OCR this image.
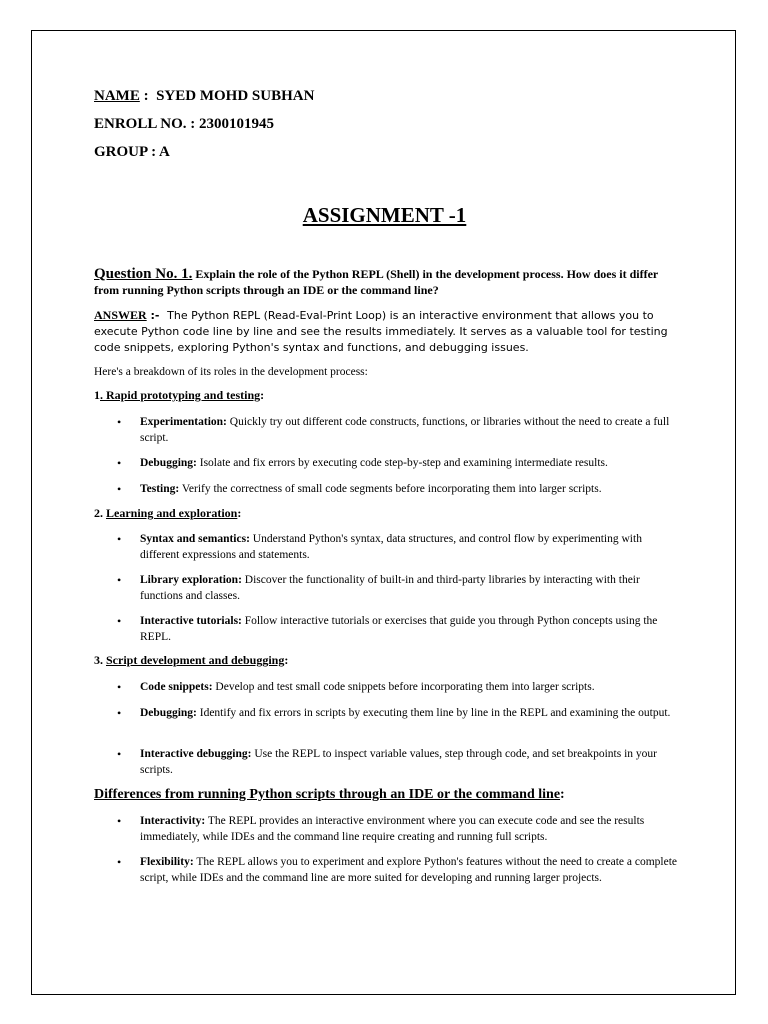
NAME :  SYED MOHD SUBHAN

ENROLL NO. : 2300101945

GROUP : A

ASSIGNMENT -1

Question No. 1. Explain the role of the Python REPL (Shell) in the development process. How does it differ from running Python scripts through an IDE or the command line?

ANSWER :-  The Python REPL (Read-Eval-Print Loop) is an interactive environment that allows you to execute Python code line by line and see the results immediately. It serves as a valuable tool for testing code snippets, exploring Python's syntax and functions, and debugging issues.

Here's a breakdown of its roles in the development process:

1. Rapid prototyping and testing:

• Experimentation: Quickly try out different code constructs, functions, or libraries without the need to create a full script.

• Debugging: Isolate and fix errors by executing code step-by-step and examining intermediate results.

• Testing: Verify the correctness of small code segments before incorporating them into larger scripts.

2. Learning and exploration:

• Syntax and semantics: Understand Python's syntax, data structures, and control flow by experimenting with different expressions and statements.

• Library exploration: Discover the functionality of built-in and third-party libraries by interacting with their functions and classes.

• Interactive tutorials: Follow interactive tutorials or exercises that guide you through Python concepts using the REPL.

3. Script development and debugging:

• Code snippets: Develop and test small code snippets before incorporating them into larger scripts.

• Debugging: Identify and fix errors in scripts by executing them line by line in the REPL and examining the output.

• Interactive debugging: Use the REPL to inspect variable values, step through code, and set breakpoints in your scripts.

Differences from running Python scripts through an IDE or the command line:

• Interactivity: The REPL provides an interactive environment where you can execute code and see the results immediately, while IDEs and the command line require creating and running full scripts.

• Flexibility: The REPL allows you to experiment and explore Python's features without the need to create a complete script, while IDEs and the command line are more suited for developing and running larger projects.
